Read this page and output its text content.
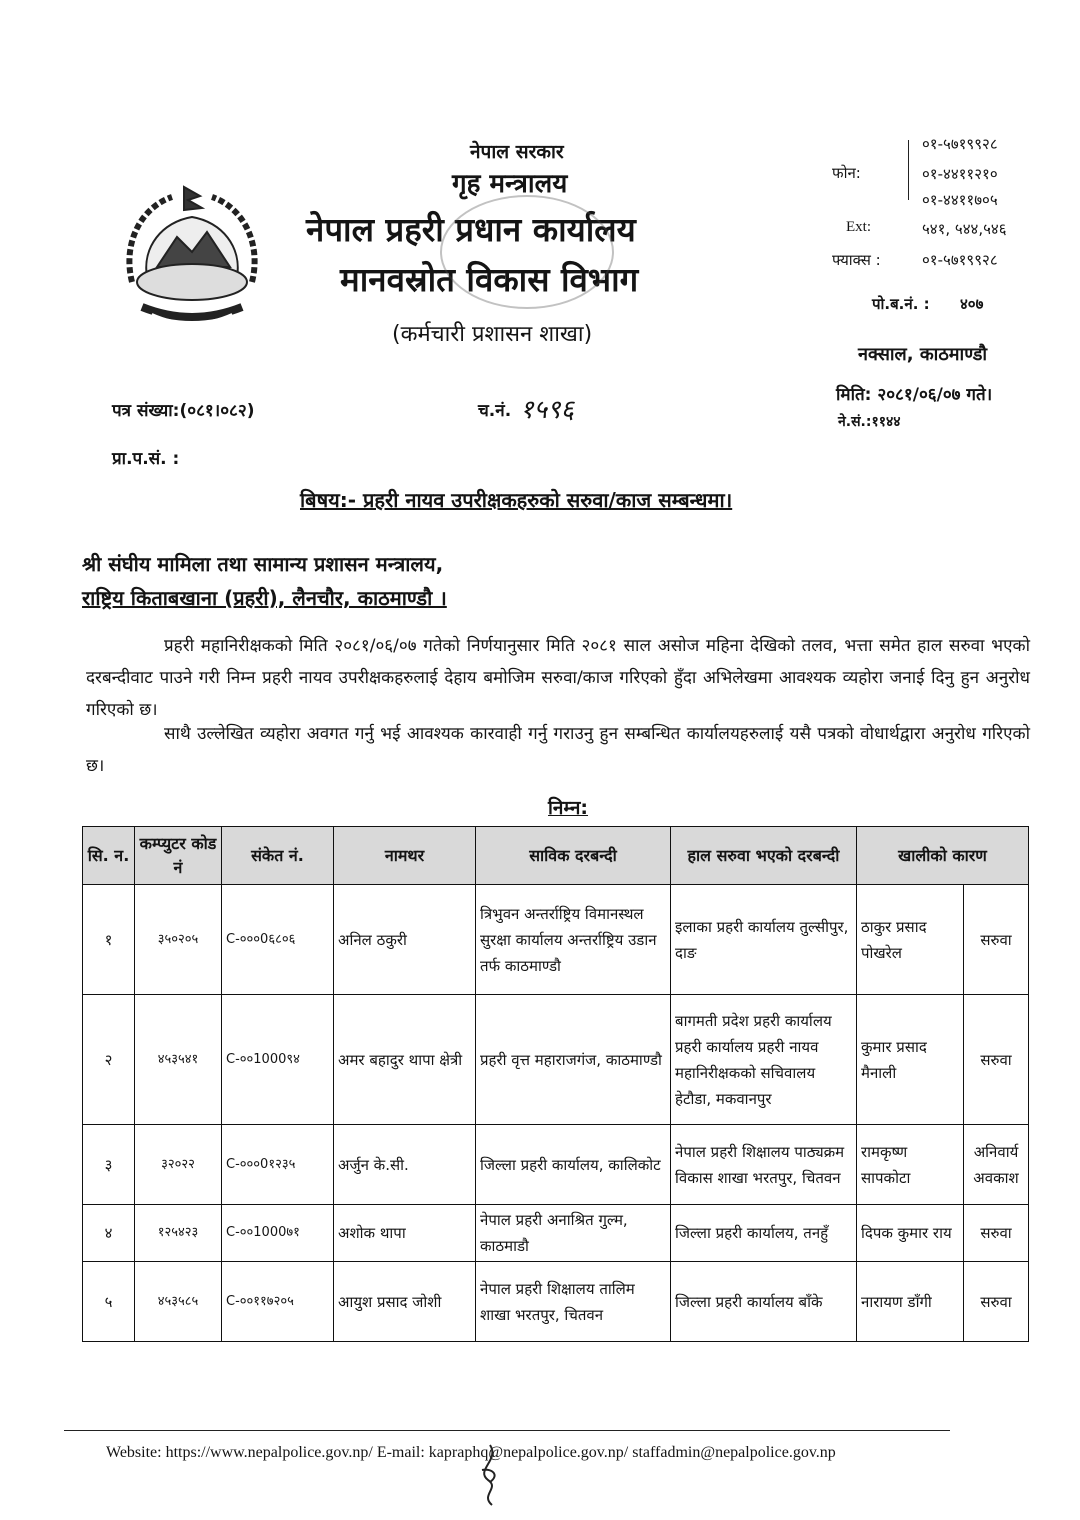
नेपाल सरकार
गृह मन्त्रालय
नेपाल प्रहरी प्रधान कार्यालय
मानवस्रोत विकास विभाग
(कर्मचारी प्रशासन शाखा)
फोन:
०१-५७१९९२८
०१-४४११२१०
०१-४४११७०५
Ext:	५४१, ५४४,५४६
फ्याक्स :	०१-५७१९९२८
पो.ब.नं. : ४०७
नक्साल, काठमाण्डौ
मिति: २०८१/०६/०७ गते।
ने.सं.:११४४
पत्र संख्या:(०८१।०८२)	च.नं. १५९६
प्रा.प.सं. :
बिषय:- प्रहरी नायव उपरीक्षकहरुको सरुवा/काज सम्बन्धमा।
श्री संघीय मामिला तथा सामान्य प्रशासन मन्त्रालय,
राष्ट्रिय किताबखाना (प्रहरी), लैनचौर, काठमाण्डौ ।
प्रहरी महानिरीक्षकको मिति २०८१/०६/०७ गतेको निर्णयानुसार मिति २०८१ साल असोज महिना देखिको तलव, भत्ता समेत हाल सरुवा भएको दरबन्दीवाट पाउने गरी निम्न प्रहरी नायव उपरीक्षकहरुलाई देहाय बमोजिम सरुवा/काज गरिएको हुँदा अभिलेखमा आवश्यक व्यहोरा जनाई दिनु हुन अनुरोध गरिएको छ।
साथै उल्लेखित व्यहोरा अवगत गर्नु भई आवश्यक कारवाही गर्नु गराउनु हुन सम्बन्धित कार्यालयहरुलाई यसै पत्रको वोधार्थद्वारा अनुरोध गरिएको छ।
निम्न:
सि. न.	कम्प्युटर कोड नं	संकेत नं.	नामथर	साविक दरबन्दी	हाल सरुवा भएको दरबन्दी	खालीको कारण	
१	३५०२०५	C-०००0६८०६	अनिल ठकुरी	त्रिभुवन अन्तर्राष्ट्रिय विमानस्थल सुरक्षा कार्यालय अन्तर्राष्ट्रिय उडान तर्फ काठमाण्डौ	इलाका प्रहरी कार्यालय तुल्सीपुर, दाङ	ठाकुर प्रसाद पोखरेल	सरुवा
२	४५३५४१	C-००1000९४	अमर बहादुर थापा क्षेत्री	प्रहरी वृत्त महाराजगंज, काठमाण्डौ	बागमती प्रदेश प्रहरी कार्यालय प्रहरी कार्यालय प्रहरी नायव महानिरीक्षकको सचिवालय हेटौडा, मकवानपुर	कुमार प्रसाद मैनाली	सरुवा
३	३२०२२	C-०००0१२३५	अर्जुन के.सी.	जिल्ला प्रहरी कार्यालय, कालिकोट	नेपाल प्रहरी शिक्षालय पाठ्यक्रम विकास शाखा भरतपुर, चितवन	रामकृष्ण सापकोटा	अनिवार्य अवकाश
४	१२५४२३	C-००1000७१	अशोक थापा	नेपाल प्रहरी अनाश्रित गुल्म, काठमाडौ	जिल्ला प्रहरी कार्यालय, तनहुँ	दिपक कुमार राय	सरुवा
५	४५३५८५	C-००११७२०५	आयुश प्रसाद जोशी	नेपाल प्रहरी शिक्षालय तालिम शाखा भरतपुर, चितवन	जिल्ला प्रहरी कार्यालय बाँके	नारायण डाँगी	सरुवा
Website: https://www.nepalpolice.gov.np/ E-mail: kapraphq@nepalpolice.gov.np/ staffadmin@nepalpolice.gov.np
